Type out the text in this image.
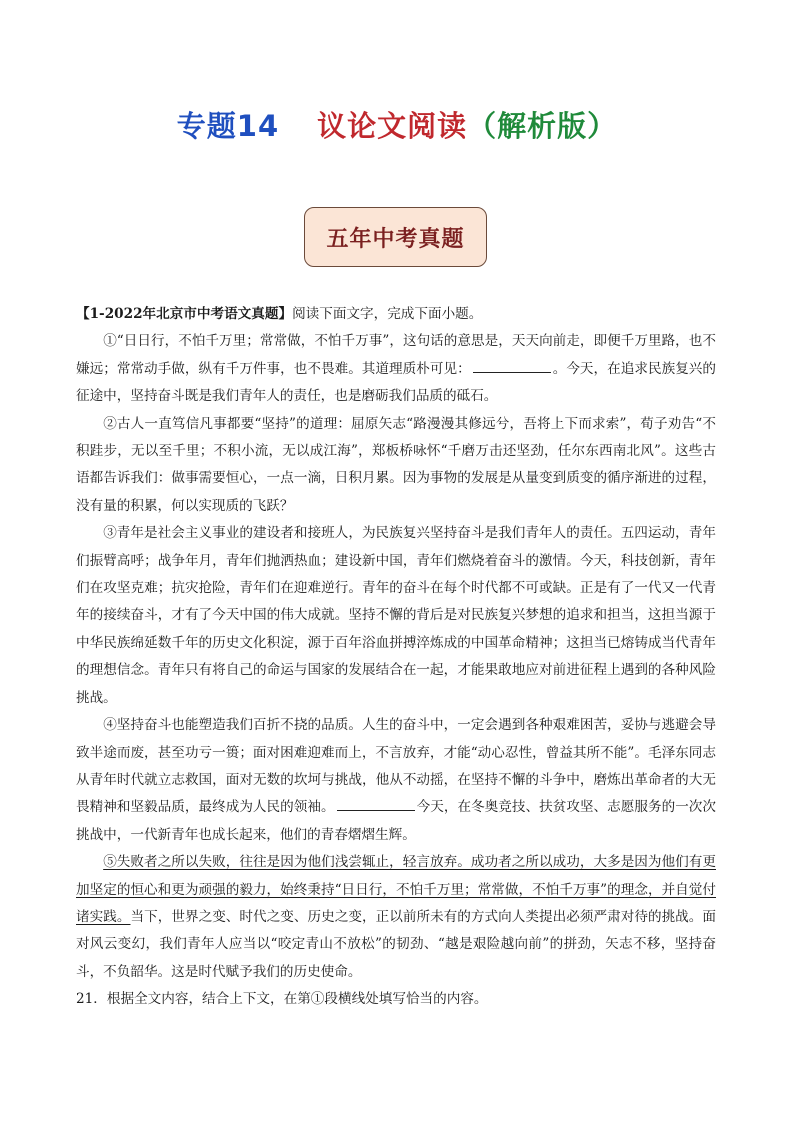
专题14 议论文阅读（解析版）
五年中考真题

【1-2022年北京市中考语文真题】阅读下面文字，完成下面小题。

①“日日行，不怕千万里；常常做，不怕千万事”，这句话的意思是，天天向前走，即便千万里路，也不嫌远；常常动手做，纵有千万件事，也不畏难。其道理质朴可见：	。今天，在追求民族复兴的征途中，坚持奋斗既是我们青年人的责任，也是磨砺我们品质的砥石。

②古人一直笃信凡事都要“坚持”的道理：屈原矢志“路漫漫其修远兮，吾将上下而求索”，荀子劝告“不积跬步，无以至千里；不积小流，无以成江海”，郑板桥咏怀“千磨万击还坚劲，任尔东西南北风”。这些古语都告诉我们：做事需要恒心，一点一滴，日积月累。因为事物的发展是从量变到质变的循序渐进的过程，没有量的积累，何以实现质的飞跃？

③青年是社会主义事业的建设者和接班人，为民族复兴坚持奋斗是我们青年人的责任。五四运动，青年们振臂高呼；战争年月，青年们抛洒热血；建设新中国，青年们燃烧着奋斗的激情。今天，科技创新，青年们在攻坚克难；抗灾抢险，青年们在迎难逆行。青年的奋斗在每个时代都不可或缺。正是有了一代又一代青年的接续奋斗，才有了今天中国的伟大成就。坚持不懈的背后是对民族复兴梦想的追求和担当，这担当源于中华民族绵延数千年的历史文化积淀，源于百年浴血拼搏淬炼成的中国革命精神；这担当已熔铸成当代青年的理想信念。青年只有将自己的命运与国家的发展结合在一起，才能果敢地应对前进征程上遇到的各种风险挑战。

④坚持奋斗也能塑造我们百折不挠的品质。人生的奋斗中，一定会遇到各种艰难困苦，妥协与逃避会导致半途而废，甚至功亏一篑；面对困难迎难而上，不言放弃，才能“动心忍性，曾益其所不能”。毛泽东同志从青年时代就立志救国，面对无数的坎坷与挑战，他从不动摇，在坚持不懈的斗争中，磨炼出革命者的大无畏精神和坚毅品质，最终成为人民的领袖。	今天，在冬奥竞技、扶贫攻坚、志愿服务的一次次挑战中，一代新青年也成长起来，他们的青春熠熠生辉。

⑤失败者之所以失败，往往是因为他们浅尝辄止，轻言放弃。成功者之所以成功，大多是因为他们有更加坚定的恒心和更为顽强的毅力，始终秉持“日日行，不怕千万里；常常做，不怕千万事”的理念，并自觉付诸实践。当下，世界之变、时代之变、历史之变，正以前所未有的方式向人类提出必须严肃对待的挑战。面对风云变幻，我们青年人应当以“咬定青山不放松”的韧劲、“越是艰险越向前”的拼劲，矢志不移，坚持奋斗，不负韶华。这是时代赋予我们的历史使命。

21．根据全文内容，结合上下文，在第①段横线处填写恰当的内容。
